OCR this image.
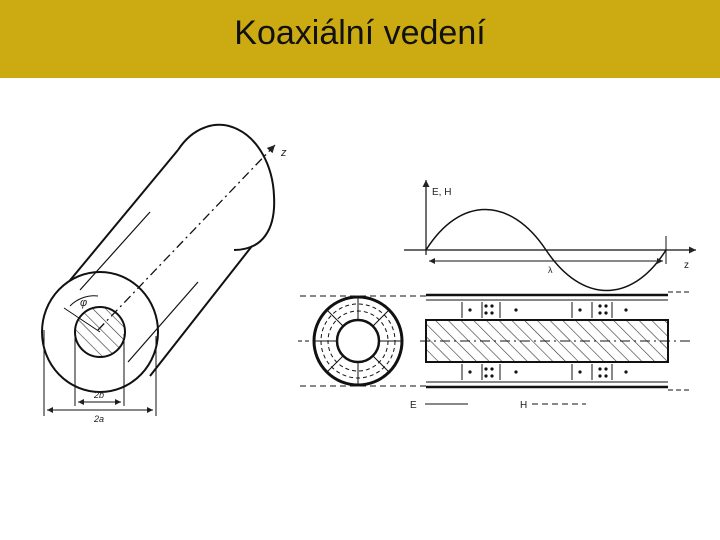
Koaxiální vedení
z
φ
2b
2a
E, H
z
λ
E	H
